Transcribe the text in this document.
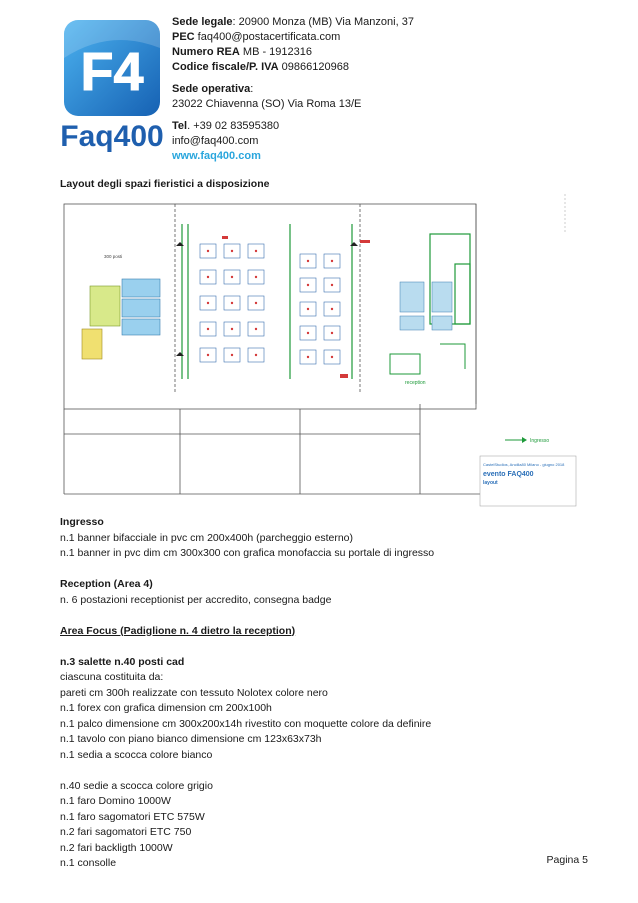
F4
Faq400
Sede legale: 20900 Monza (MB) Via Manzoni, 37
PEC faq400@postacertificata.com
Numero REA MB - 1912316
Codice fiscale/P. IVA 09866120968
Sede operativa:
23022 Chiavenna (SO) Via Roma 13/E
Tel. +39 02 83595380
info@faq400.com
www.faq400.com
Layout degli spazi fieristici a disposizione
reception
Ingresso
300 posti
CastelStudios, Ancilla80 Milano - giugno 2018
evento FAQ400
layout
Ingresso
n.1 banner bifacciale in pvc cm 200x400h (parcheggio esterno)
n.1 banner in pvc dim cm 300x300 con grafica monofaccia su portale di ingresso
Reception (Area 4)
n. 6 postazioni receptionist per accredito, consegna badge
Area Focus (Padiglione n. 4 dietro la reception)
n.3 salette n.40 posti cad
ciascuna costituita da:
pareti cm 300h realizzate con tessuto Nolotex colore nero
n.1 forex con grafica dimension cm 200x100h
n.1 palco dimensione cm 300x200x14h rivestito con moquette colore da definire
n.1 tavolo con piano bianco dimensione cm 123x63x73h
n.1 sedia a scocca colore bianco
n.40 sedie a scocca colore grigio
n.1 faro Domino 1000W
n.1 faro sagomatori ETC 575W
n.2 fari sagomatori ETC 750
n.2 fari backligth 1000W
n.1 consolle	Pagina 5
